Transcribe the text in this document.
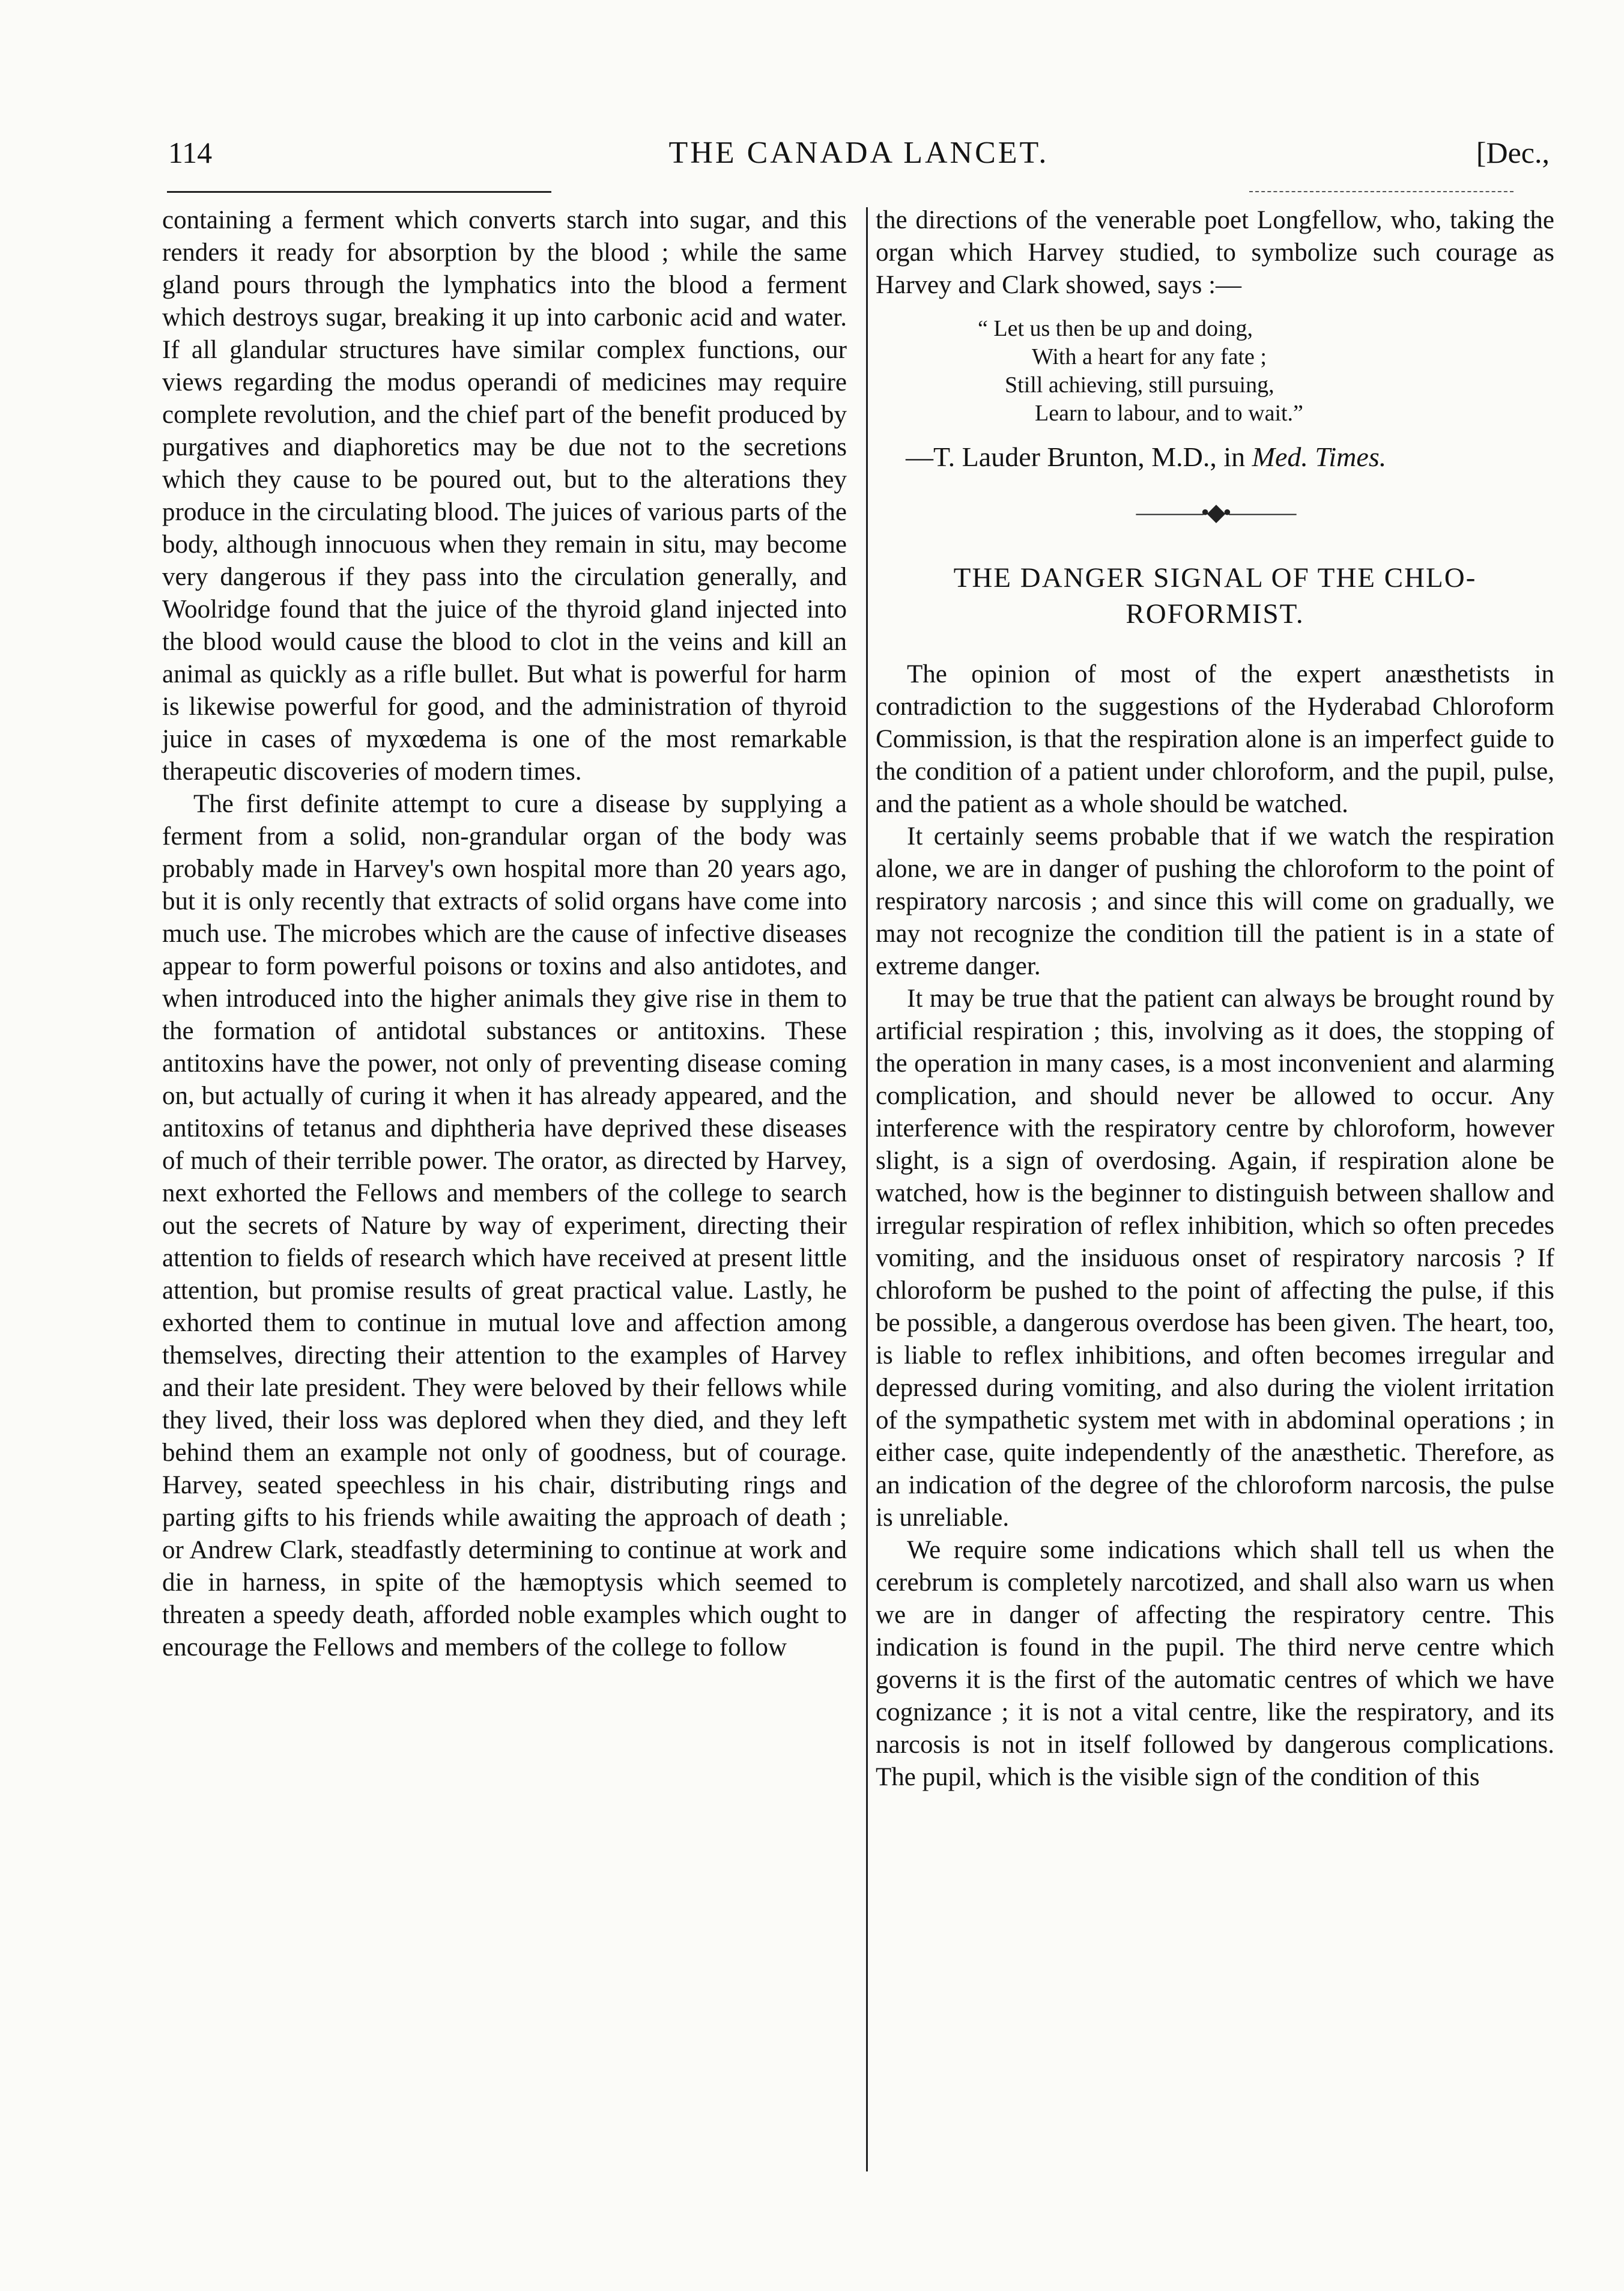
114	THE CANADA LANCET.	[Dec.,

containing a ferment which converts starch into sugar, and this renders it ready for absorption by the blood ; while the same gland pours through the lymphatics into the blood a ferment which destroys sugar, breaking it up into carbonic acid and water. If all glandular structures have similar complex functions, our views regarding the modus operandi of medicines may require complete revolution, and the chief part of the benefit produced by purgatives and diaphoretics may be due not to the secretions which they cause to be poured out, but to the alterations they produce in the circulating blood. The juices of various parts of the body, although innocuous when they remain in situ, may become very dangerous if they pass into the circulation generally, and Woolridge found that the juice of the thyroid gland injected into the blood would cause the blood to clot in the veins and kill an animal as quickly as a rifle bullet. But what is powerful for harm is likewise powerful for good, and the administration of thyroid juice in cases of myxœdema is one of the most remarkable therapeutic discoveries of modern times.

The first definite attempt to cure a disease by supplying a ferment from a solid, non-grandular organ of the body was probably made in Harvey's own hospital more than 20 years ago, but it is only recently that extracts of solid organs have come into much use. The microbes which are the cause of infective diseases appear to form powerful poisons or toxins and also antidotes, and when introduced into the higher animals they give rise in them to the formation of antidotal substances or antitoxins. These antitoxins have the power, not only of preventing disease coming on, but actually of curing it when it has already appeared, and the antitoxins of tetanus and diphtheria have deprived these diseases of much of their terrible power. The orator, as directed by Harvey, next exhorted the Fellows and members of the college to search out the secrets of Nature by way of experiment, directing their attention to fields of research which have received at present little attention, but promise results of great practical value. Lastly, he exhorted them to continue in mutual love and affection among themselves, directing their attention to the examples of Harvey and their late president. They were beloved by their fellows while they lived, their loss was deplored when they died, and they left behind them an example not only of goodness, but of courage. Harvey, seated speechless in his chair, distributing rings and parting gifts to his friends while awaiting the approach of death ; or Andrew Clark, steadfastly determining to continue at work and die in harness, in spite of the hæmoptysis which seemed to threaten a speedy death, afforded noble examples which ought to encourage the Fellows and members of the college to follow

the directions of the venerable poet Longfellow, who, taking the organ which Harvey studied, to symbolize such courage as Harvey and Clark showed, says :—

“ Let us then be up and doing,
With a heart for any fate ;
Still achieving, still pursuing,
Learn to labour, and to wait.”

—T. Lauder Brunton, M.D., in Med. Times.

———•◆•———
THE DANGER SIGNAL OF THE CHLO-
ROFORMIST.

The opinion of most of the expert anæsthetists in contradiction to the suggestions of the Hyderabad Chloroform Commission, is that the respiration alone is an imperfect guide to the condition of a patient under chloroform, and the pupil, pulse, and the patient as a whole should be watched.

It certainly seems probable that if we watch the respiration alone, we are in danger of pushing the chloroform to the point of respiratory narcosis ; and since this will come on gradually, we may not recognize the condition till the patient is in a state of extreme danger.

It may be true that the patient can always be brought round by artificial respiration ; this, involving as it does, the stopping of the operation in many cases, is a most inconvenient and alarming complication, and should never be allowed to occur. Any interference with the respiratory centre by chloroform, however slight, is a sign of overdosing. Again, if respiration alone be watched, how is the beginner to distinguish between shallow and irregular respiration of reflex inhibition, which so often precedes vomiting, and the insiduous onset of respiratory narcosis ? If chloroform be pushed to the point of affecting the pulse, if this be possible, a dangerous overdose has been given. The heart, too, is liable to reflex inhibitions, and often becomes irregular and depressed during vomiting, and also during the violent irritation of the sympathetic system met with in abdominal operations ; in either case, quite independently of the anæsthetic. Therefore, as an indication of the degree of the chloroform narcosis, the pulse is unreliable.

We require some indications which shall tell us when the cerebrum is completely narcotized, and shall also warn us when we are in danger of affecting the respiratory centre. This indication is found in the pupil. The third nerve centre which governs it is the first of the automatic centres of which we have cognizance ; it is not a vital centre, like the respiratory, and its narcosis is not in itself followed by dangerous complications. The pupil, which is the visible sign of the condition of this
